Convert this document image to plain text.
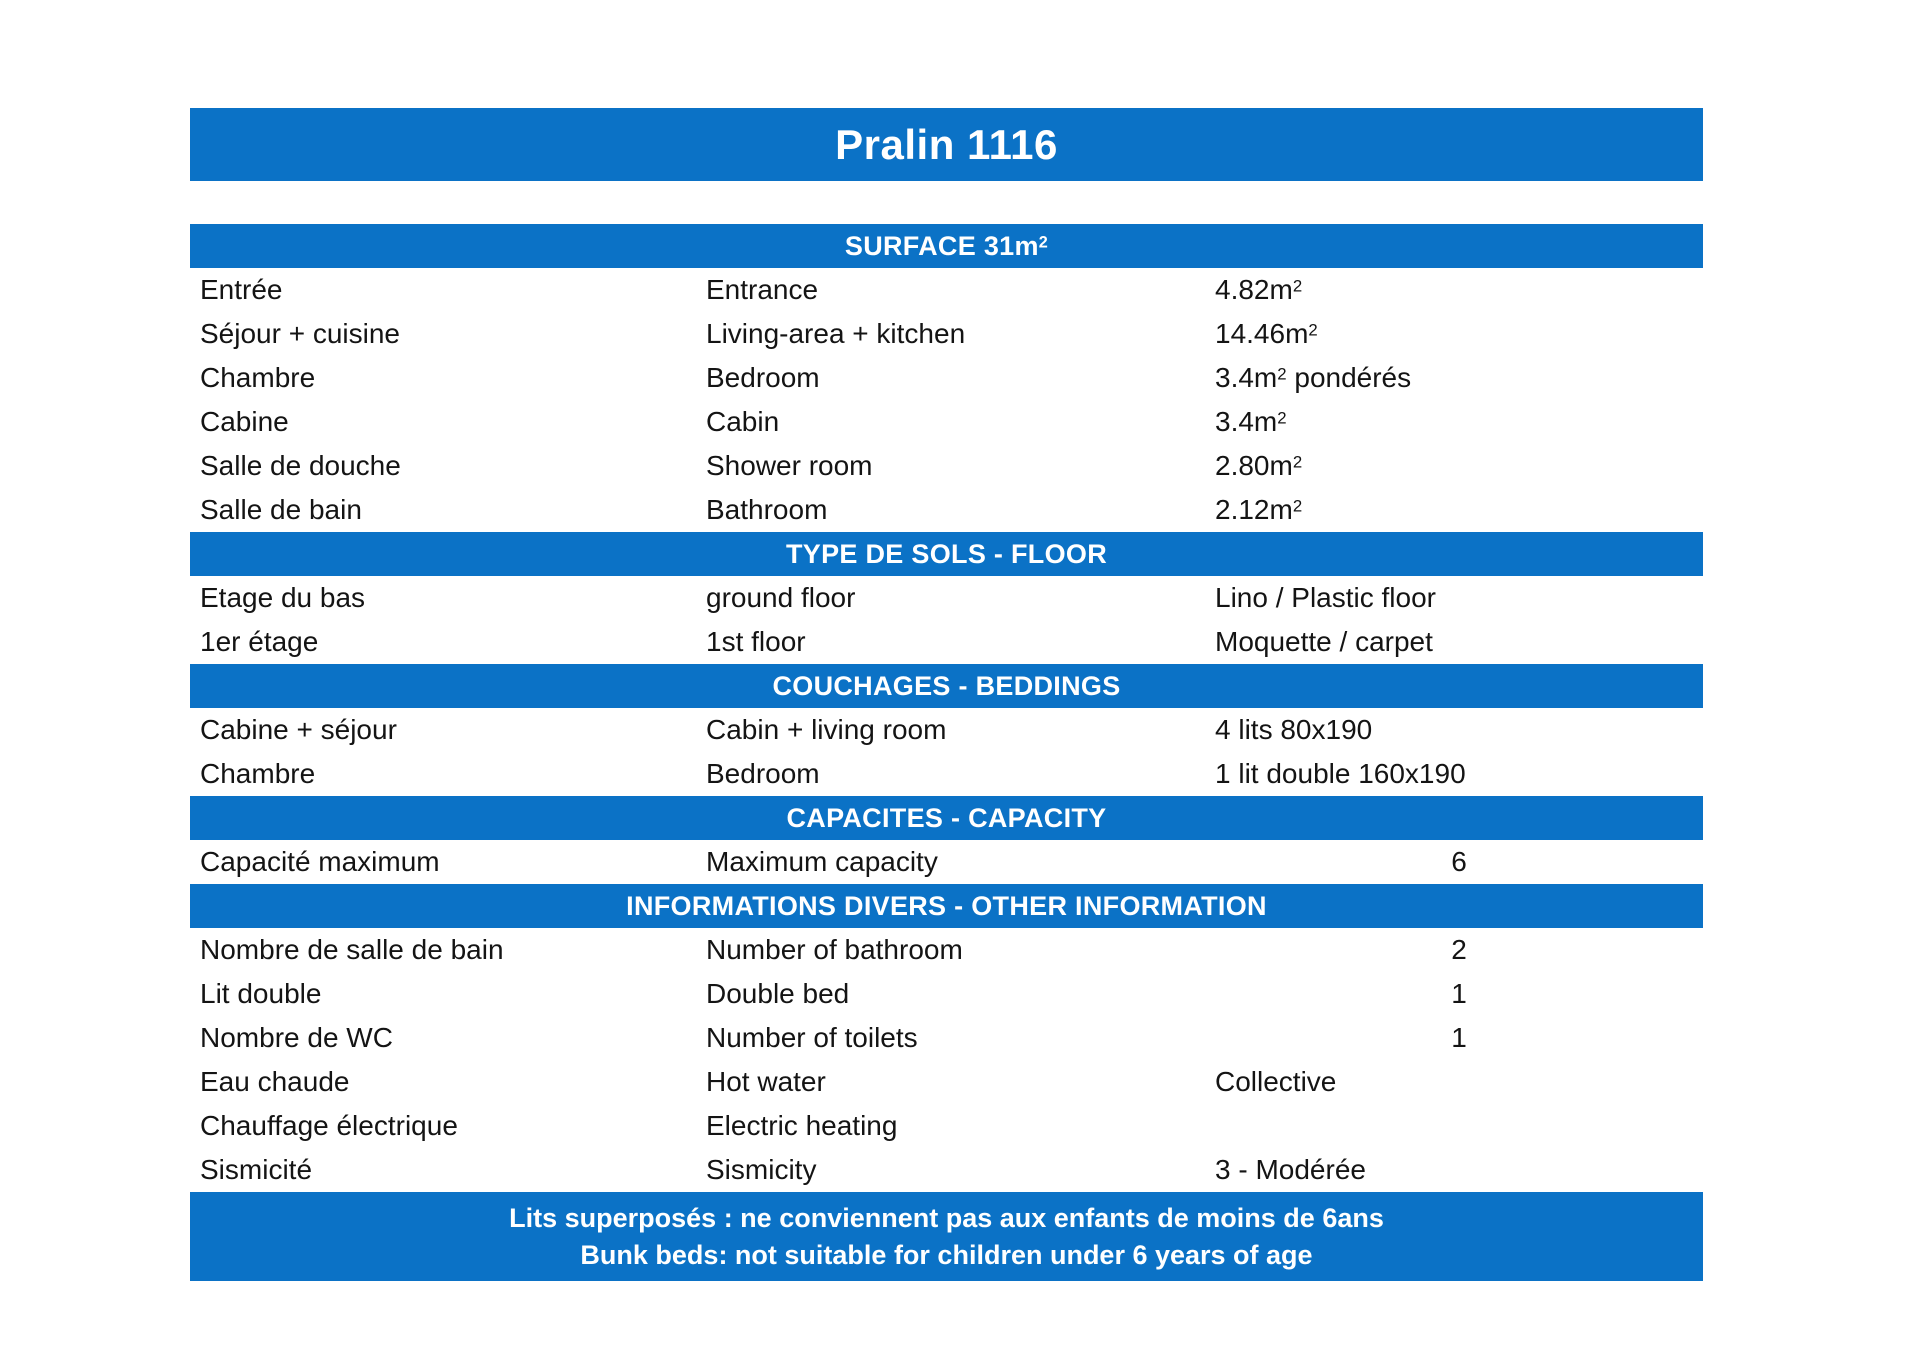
Pralin 1116
SURFACE $31m^2$
Entrée	Entrance	$4.82m^2$
Séjour + cuisine	Living-area + kitchen	$14.46m^2$
Chambre	Bedroom	$3.4m^2$ pondérés
Cabine	Cabin	$3.4m^2$
Salle de douche	Shower room	$2.80m^2$
Salle de bain	Bathroom	$2.12m^2$
TYPE DE SOLS - FLOOR
Etage du bas	ground floor	Lino / Plastic floor
1er étage	1st floor	Moquette / carpet
COUCHAGES - BEDDINGS
Cabine + séjour	Cabin + living room	4 lits 80x190
Chambre	Bedroom	1 lit double 160x190
CAPACITES - CAPACITY
Capacité maximum	Maximum capacity	6
INFORMATIONS DIVERS - OTHER INFORMATION
Nombre de salle de bain	Number of bathroom	2
Lit double	Double bed	1
Nombre de WC	Number of toilets	1
Eau chaude	Hot water	Collective
Chauffage électrique	Electric heating
Sismicité	Sismicity	3 - Modérée
Lits superposés : ne conviennent pas aux enfants de moins de 6ans
Bunk beds: not suitable for children under 6 years of age
